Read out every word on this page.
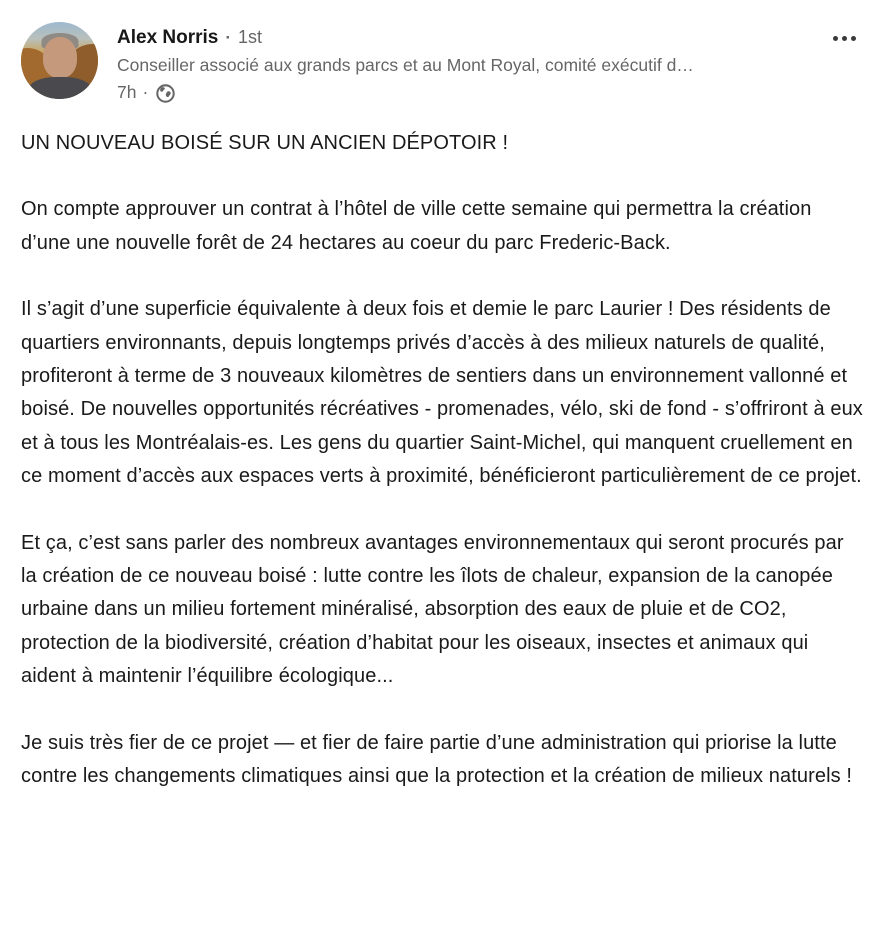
Alex Norris · 1st
Conseiller associé aux grands parcs et au Mont Royal, comité exécutif d…
7h ·

UN NOUVEAU BOISÉ SUR UN ANCIEN DÉPOTOIR !

On compte approuver un contrat à l’hôtel de ville cette semaine qui permettra la création d’une une nouvelle forêt de 24 hectares au coeur du parc Frederic-Back.

Il s’agit d’une superficie équivalente à deux fois et demie le parc Laurier ! Des résidents de quartiers environnants, depuis longtemps privés d’accès à des milieux naturels de qualité, profiteront à terme de 3 nouveaux kilomètres de sentiers dans un environnement vallonné et boisé. De nouvelles opportunités récréatives - promenades, vélo, ski de fond - s’offriront à eux et à tous les Montréalais-es. Les gens du quartier Saint-Michel, qui manquent cruellement en ce moment d’accès aux espaces verts à proximité, bénéficieront particulièrement de ce projet.

Et ça, c’est sans parler des nombreux avantages environnementaux qui seront procurés par la création de ce nouveau boisé : lutte contre les îlots de chaleur, expansion de la canopée urbaine dans un milieu fortement minéralisé, absorption des eaux de pluie et de CO2, protection de la biodiversité, création d’habitat pour les oiseaux, insectes et animaux qui aident à maintenir l’équilibre écologique...

Je suis très fier de ce projet — et fier de faire partie d’une administration qui priorise la lutte contre les changements climatiques ainsi que la protection et la création de milieux naturels !
